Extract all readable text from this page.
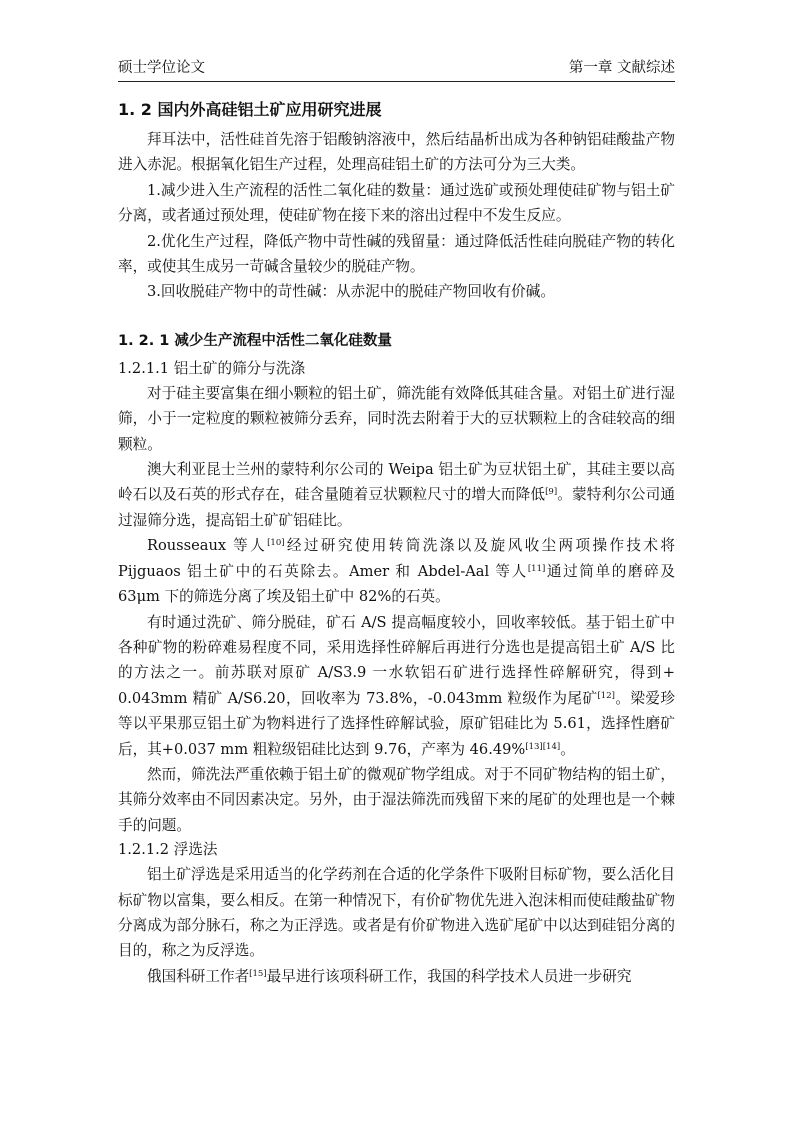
硕士学位论文	第一章 文献综述
1. 2 国内外高硅铝土矿应用研究进展

拜耳法中，活性硅首先溶于铝酸钠溶液中，然后结晶析出成为各种钠铝硅酸盐产物进入赤泥。根据氧化铝生产过程，处理高硅铝土矿的方法可分为三大类。

1.减少进入生产流程的活性二氧化硅的数量：通过选矿或预处理使硅矿物与铝土矿分离，或者通过预处理，使硅矿物在接下来的溶出过程中不发生反应。

2.优化生产过程，降低产物中苛性碱的残留量：通过降低活性硅向脱硅产物的转化率，或使其生成另一苛碱含量较少的脱硅产物。

3.回收脱硅产物中的苛性碱：从赤泥中的脱硅产物回收有价碱。

1. 2. 1 减少生产流程中活性二氧化硅数量

1.2.1.1 铝土矿的筛分与洗涤

对于硅主要富集在细小颗粒的铝土矿，筛洗能有效降低其硅含量。对铝土矿进行湿筛，小于一定粒度的颗粒被筛分丢弃，同时洗去附着于大的豆状颗粒上的含硅较高的细颗粒。

澳大利亚昆士兰州的蒙特利尔公司的 Weipa 铝土矿为豆状铝土矿，其硅主要以高岭石以及石英的形式存在，硅含量随着豆状颗粒尺寸的增大而降低[9]。蒙特利尔公司通过湿筛分选，提高铝土矿矿铝硅比。

Rousseaux 等人[10]经过研究使用转筒洗涤以及旋风收尘两项操作技术将 Pijguaos 铝土矿中的石英除去。Amer 和 Abdel-Aal 等人[11]通过简单的磨碎及 63μm 下的筛选分离了埃及铝土矿中 82%的石英。

有时通过洗矿、筛分脱硅，矿石 A/S 提高幅度较小，回收率较低。基于铝土矿中各种矿物的粉碎难易程度不同，采用选择性碎解后再进行分选也是提高铝土矿 A/S 比的方法之一。前苏联对原矿 A/S3.9 一水软铝石矿进行选择性碎解研究，得到+ 0.043mm 精矿 A/S6.20，回收率为 73.8%，-0.043mm 粒级作为尾矿[12]。梁爱珍等以平果那豆铝土矿为物料进行了选择性碎解试验，原矿铝硅比为 5.61，选择性磨矿后，其+0.037 mm 粗粒级铝硅比达到 9.76，产率为 46.49%[13][14]。

然而，筛洗法严重依赖于铝土矿的微观矿物学组成。对于不同矿物结构的铝土矿，其筛分效率由不同因素决定。另外，由于湿法筛洗而残留下来的尾矿的处理也是一个棘手的问题。

1.2.1.2 浮选法

铝土矿浮选是采用适当的化学药剂在合适的化学条件下吸附目标矿物，要么活化目标矿物以富集，要么相反。在第一种情况下，有价矿物优先进入泡沫相而使硅酸盐矿物分离成为部分脉石，称之为正浮选。或者是有价矿物进入选矿尾矿中以达到硅铝分离的目的，称之为反浮选。

俄国科研工作者[15]最早进行该项科研工作，我国的科学技术人员进一步研究
